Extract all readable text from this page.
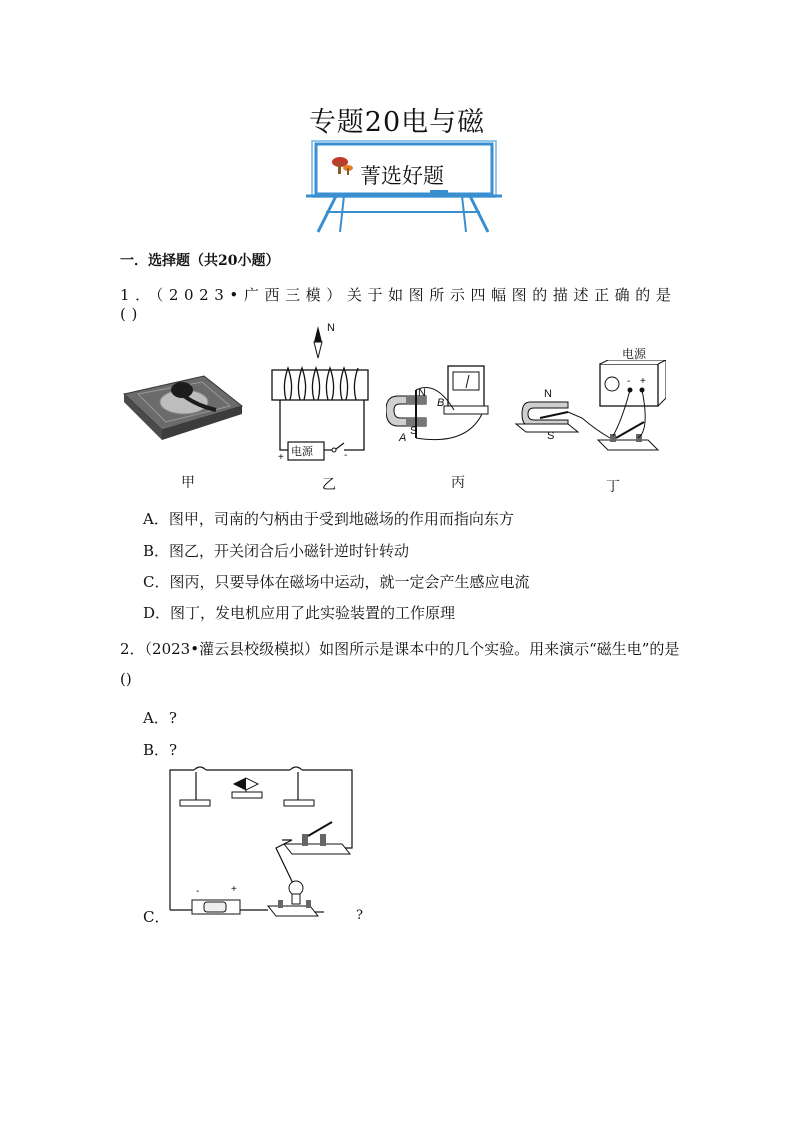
专题20电与磁
菁选好题
一．选择题（共20小题）
1．（2023•广西三模）关于如图所示四幅图的描述正确的是()
甲
N
电源
+	-
乙
N
S
A
B
丙
电源
- +
N
S
丁
A．图甲，司南的勺柄由于受到地磁场的作用而指向东方
B．图乙，开关闭合后小磁针逆时针转动
C．图丙，只要导体在磁场中运动，就一定会产生感应电流
D．图丁，发电机应用了此实验装置的工作原理
2．（2023•灌云县校级模拟）如图所示是课本中的几个实验。用来演示“磁生电”的是()
A．?
B．?
-	+
C．	?
